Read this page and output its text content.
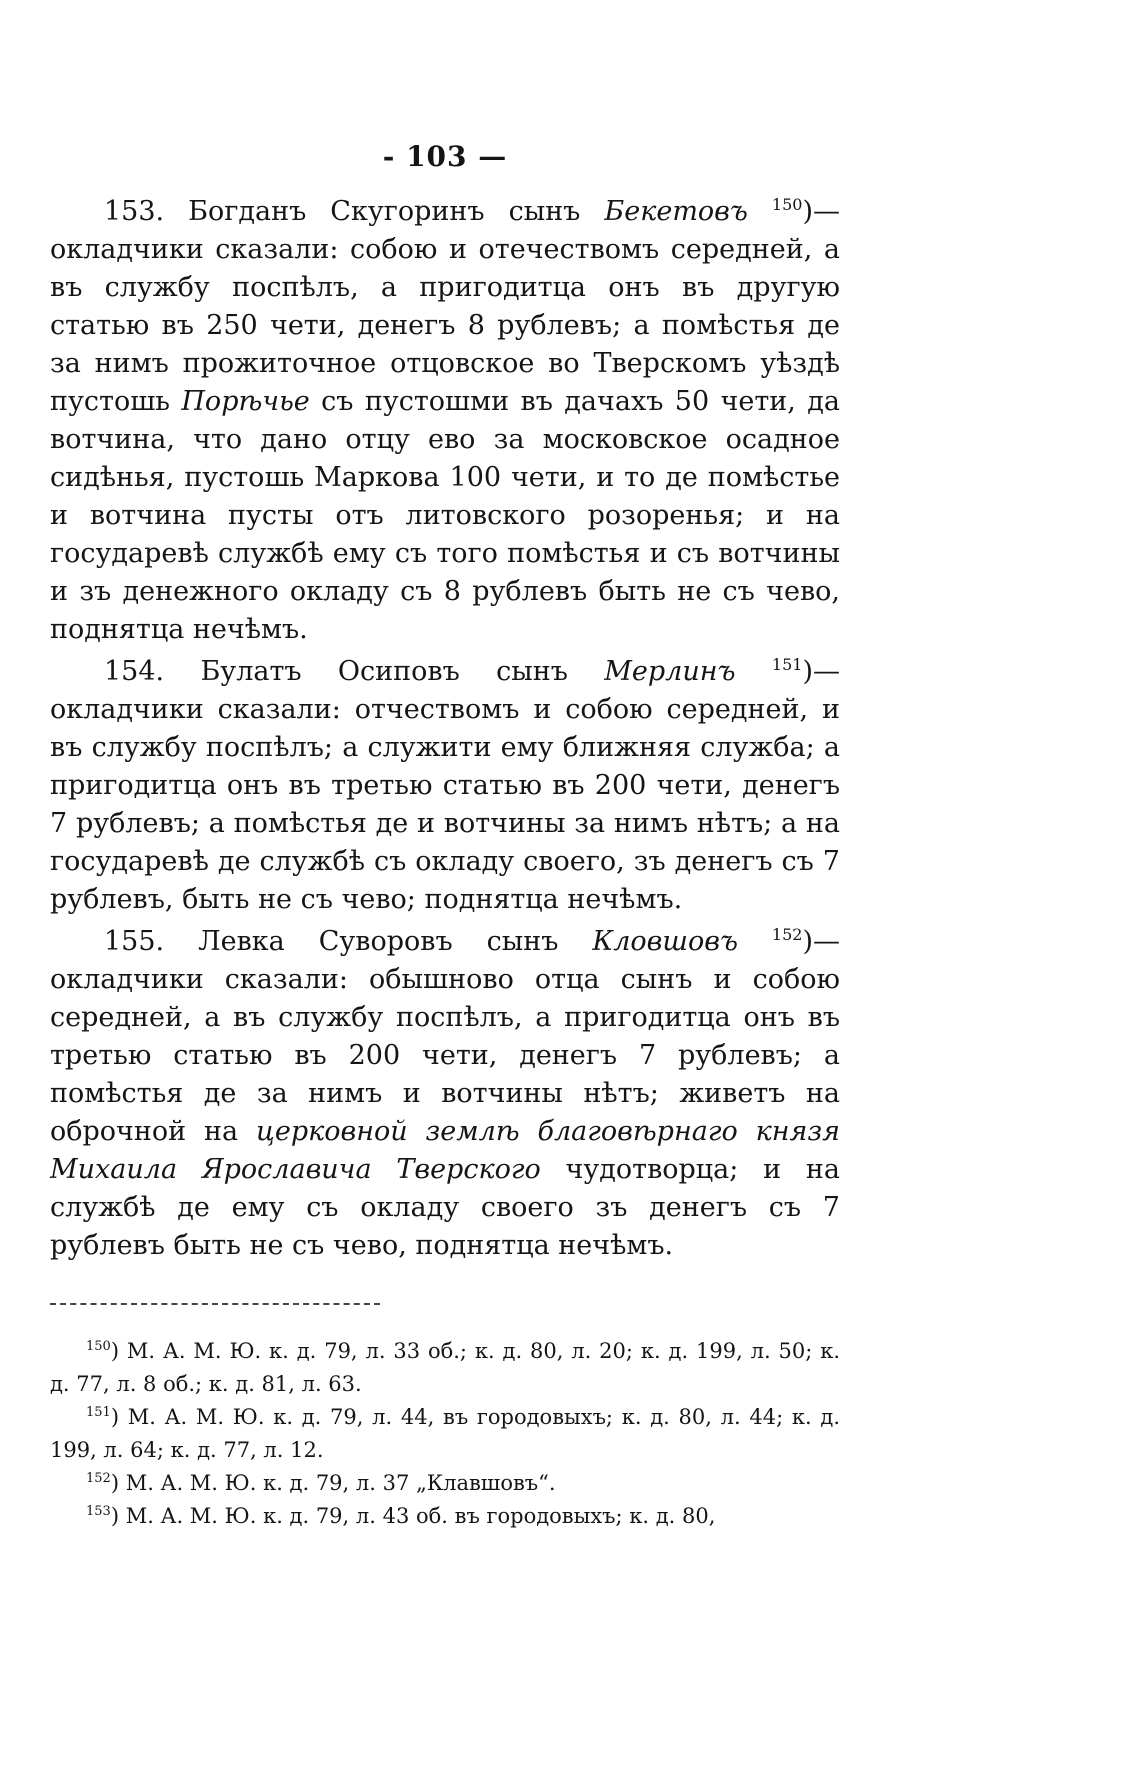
- 103 —

153. Богданъ Скугоринъ сынъ Бекетовъ $^{150}$)—окладчики сказали: собою и отечествомъ середней, а въ службу поспѣлъ, а пригодитца онъ въ другую статью въ 250 чети, денегъ 8 рублевъ; а помѣстья де за нимъ прожиточное отцовское во Тверскомъ уѣздѣ пустошь Порѣчье съ пустошми въ дачахъ 50 чети, да вотчина, что дано отцу ево за московское осадное сидѣнья, пустошь Маркова 100 чети, и то де помѣстье и вотчина пусты отъ литовского розоренья; и на государевѣ службѣ ему съ того помѣстья и съ вотчины и зъ денежного окладу съ 8 рублевъ быть не съ чево, поднятца нечѣмъ.

154. Булатъ Осиповъ сынъ Мерлинъ $^{151}$)—окладчики сказали: отчествомъ и собою середней, и въ службу поспѣлъ; а служити ему ближняя служба; а пригодитца онъ въ третью статью въ 200 чети, денегъ 7 рублевъ; а помѣстья де и вотчины за нимъ нѣтъ; а на государевѣ де службѣ съ окладу своего, зъ денегъ съ 7 рублевъ, быть не съ чево; поднятца нечѣмъ.

155. Левка Суворовъ сынъ Кловшовъ $^{152}$)—окладчики сказали: обышново отца сынъ и собою середней, а въ службу поспѣлъ, а пригодитца онъ въ третью статью въ 200 чети, денегъ 7 рублевъ; а помѣстья де за нимъ и вотчины нѣтъ; живетъ на оброчной на церковной землѣ благовѣрнаго князя Михаила Ярославича Тверского чудотворца; и на службѣ де ему съ окладу своего зъ денегъ съ 7 рублевъ быть не съ чево, поднятца нечѣмъ.

$^{150}$) М. А. М. Ю. к. д. 79, л. 33 об.; к. д. 80, л. 20; к. д. 199, л. 50; к. д. 77, л. 8 об.; к. д. 81, л. 63.

$^{151}$) М. А. М. Ю. к. д. 79, л. 44, въ городовыхъ; к. д. 80, л. 44; к. д. 199, л. 64; к. д. 77, л. 12.

$^{152}$) М. А. М. Ю. к. д. 79, л. 37 „Клавшовъ“.

$^{153}$) М. А. М. Ю. к. д. 79, л. 43 об. въ городовыхъ; к. д. 80,
